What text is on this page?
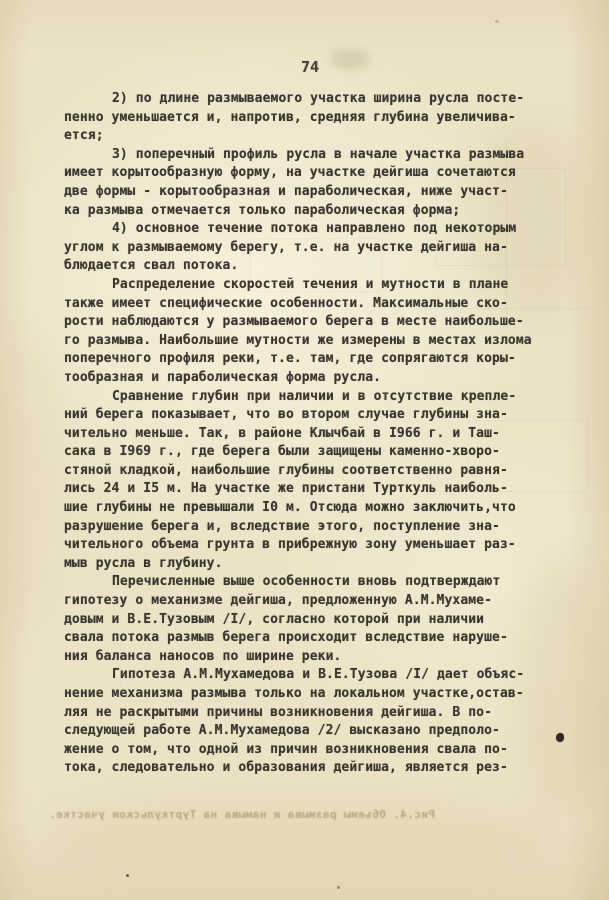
74
2) по длине размываемого участка ширина русла посте-
пенно уменьшается и, напротив, средняя глубина увеличива-
ется;
3) поперечный профиль русла в начале участка размыва
имеет корытообразную форму, на участке дейгиша сочетаются
две формы - корытообразная и параболическая, ниже участ-
ка размыва отмечается только параболическая форма;
4) основное течение потока направлено под некоторым
углом к размываемому берегу, т.е. на участке дейгиша на-
блюдается свал потока.
Распределение скоростей течения и мутности в плане
также имеет специфические особенности. Максимальные ско-
рости наблюдаются у размываемого берега в месте наибольше-
го размыва. Наибольшие мутности же измерены в местах излома
поперечного профиля реки, т.е. там, где сопрягаются коры-
тообразная и параболическая форма русла.
Сравнение глубин при наличии и в отсутствие крепле-
ний берега показывает, что во втором случае глубины зна-
чительно меньше. Так, в районе Клычбай в I966 г. и Таш-
сака в I969 г., где берега были защищены каменно-хворо-
стяной кладкой, наибольшие глубины соответственно равня-
лись 24 и I5 м. На участке же пристани Турткуль наиболь-
шие глубины не превышали I0 м. Отсюда можно заключить,что
разрушение берега и, вследствие этого, поступление зна-
чительного объема грунта в прибрежную зону уменьшает раз-
мыв русла в глубину.
Перечисленные выше особенности вновь подтверждают
гипотезу о механизме дейгиша, предложенную А.М.Мухаме-
довым и В.Е.Тузовым /I/, согласно которой при наличии
свала потока размыв берега происходит вследствие наруше-
ния баланса наносов по ширине реки.
Гипотеза А.М.Мухамедова и В.Е.Тузова /I/ дает объяс-
нение механизма размыва только на локальном участке,остав-
ляя не раскрытыми причины возникновения дейгиша. В по-
следующей работе А.М.Мухамедова /2/ высказано предполо-
жение о том, что одной из причин возникновения свала по-
тока, следовательно и образования дейгиша, является рез-
Рис.4. Объемы размыва и намыва на Турткульском участке.
